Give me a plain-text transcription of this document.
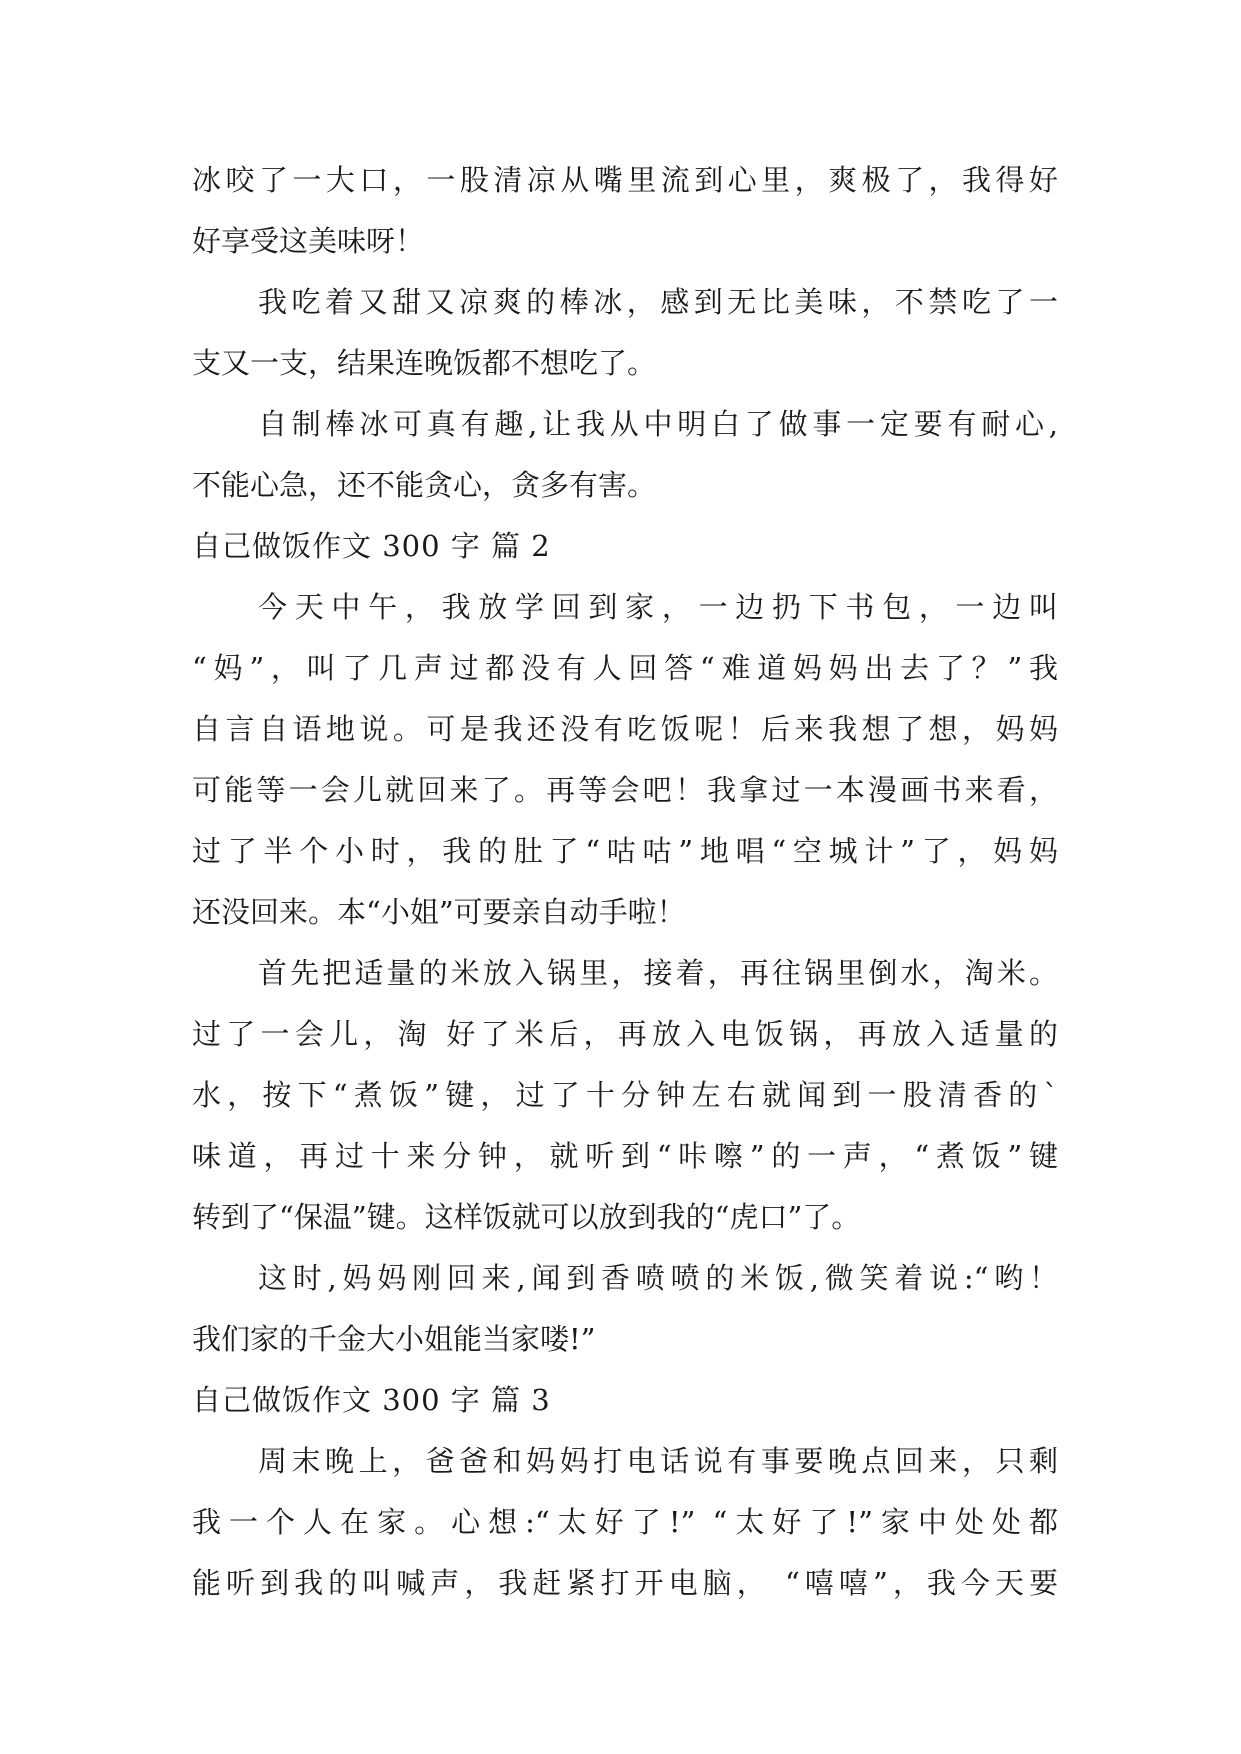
冰咬了一大口，一股清凉从嘴里流到心里，爽极了，我得好
好享受这美味呀！
我吃着又甜又凉爽的棒冰，感到无比美味，不禁吃了一
支又一支，结果连晚饭都不想吃了。
自制棒冰可真有趣,让我从中明白了做事一定要有耐心,
不能心急，还不能贪心，贪多有害。
自己做饭作文 300 字 篇 2
今天中午，我放学回到家，一边扔下书包，一边叫
“妈”，叫了几声过都没有人回答“难道妈妈出去了？”我
自言自语地说。可是我还没有吃饭呢！后来我想了想，妈妈
可能等一会儿就回来了。再等会吧！我拿过一本漫画书来看，
过了半个小时，我的肚了“咕咕”地唱“空城计”了，妈妈
还没回来。本“小姐”可要亲自动手啦！
首先把适量的米放入锅里，接着，再往锅里倒水，淘米。
过了一会儿，淘 好了米后，再放入电饭锅，再放入适量的
水，按下“煮饭”键，过了十分钟左右就闻到一股清香的`
味道，再过十来分钟，就听到“咔嚓”的一声，“煮饭”键
转到了“保温”键。这样饭就可以放到我的“虎口”了。
这时,妈妈刚回来,闻到香喷喷的米饭,微笑着说:“哟！
我们家的千金大小姐能当家喽!”
自己做饭作文 300 字 篇 3
周末晚上，爸爸和妈妈打电话说有事要晚点回来，只剩
我一个人在家。心想:“太好了!” “太好了!”家中处处都
能听到我的叫喊声，我赶紧打开电脑， “嘻嘻”，我今天要
